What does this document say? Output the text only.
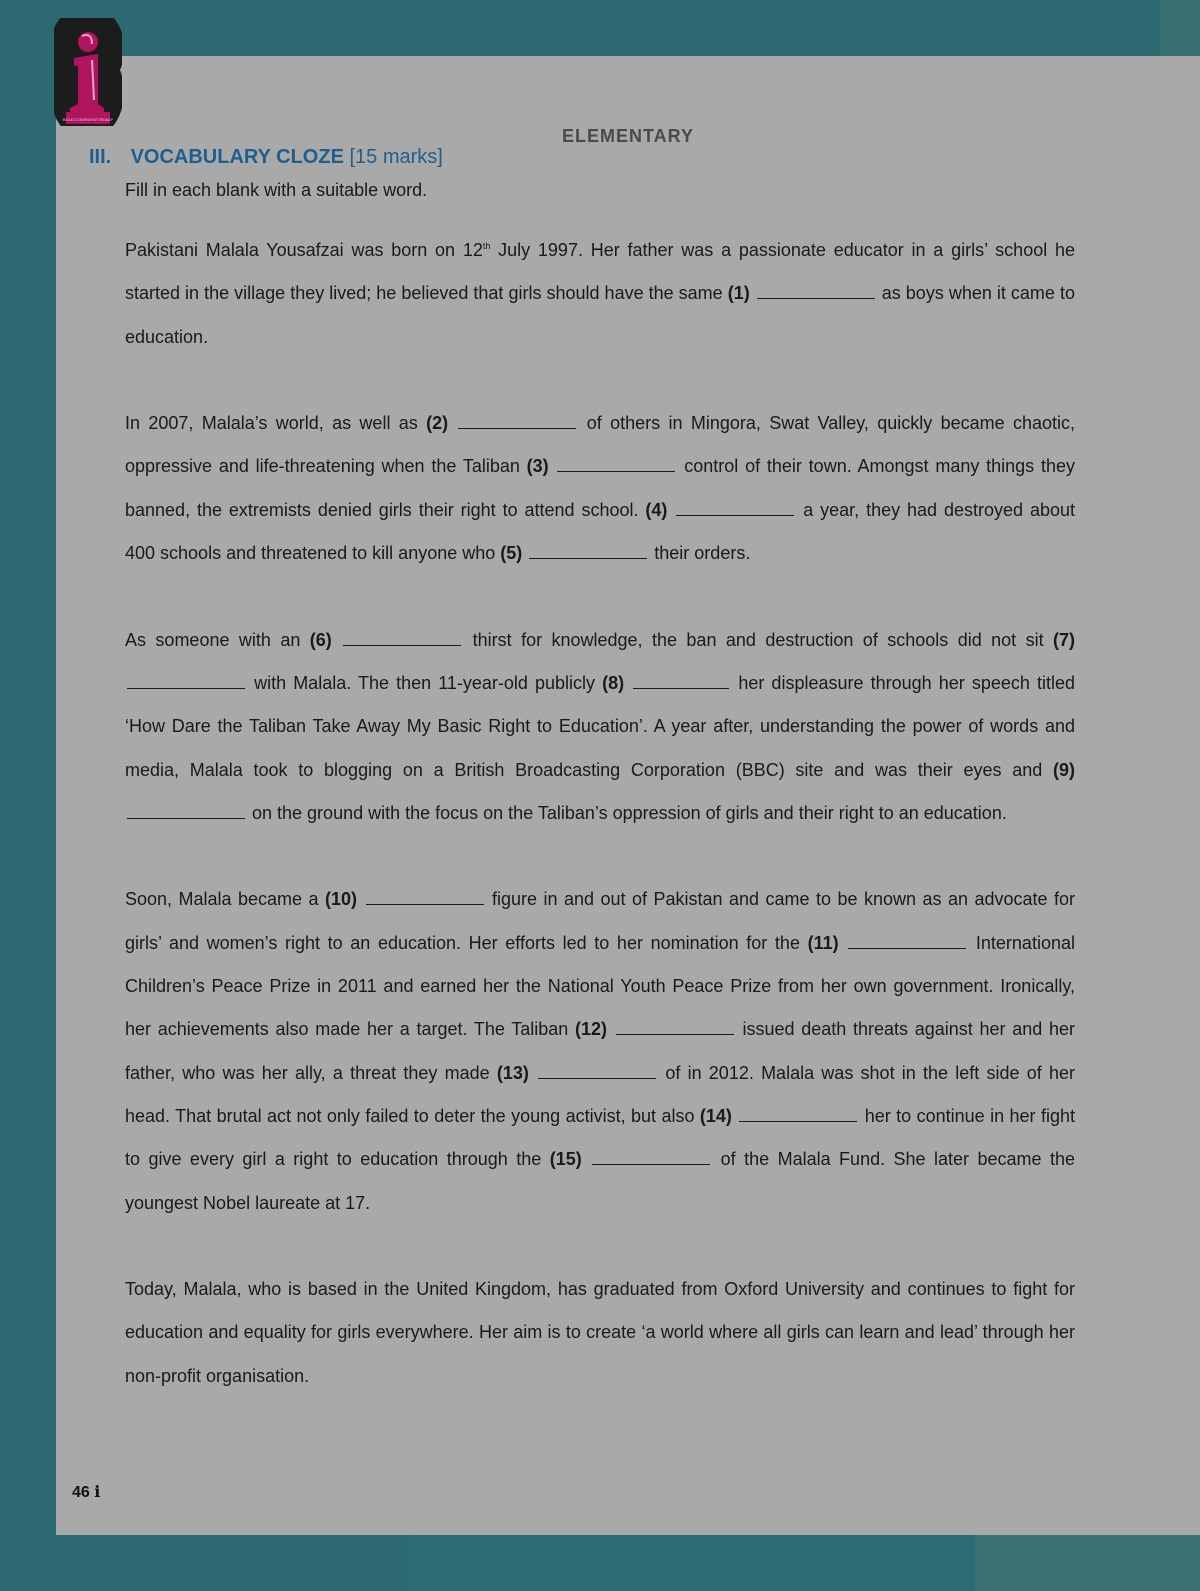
ELEMENTARY
BOLD CONFIDENT READY
III. VOCABULARY CLOZE [15 marks]
Fill in each blank with a suitable word.

Pakistani Malala Yousafzai was born on 12th July 1997. Her father was a passionate educator in a girls’ school he started in the village they lived; he believed that girls should have the same (1)	as boys when it came to education.

In 2007, Malala’s world, as well as (2)	of others in Mingora, Swat Valley, quickly became chaotic, oppressive and life-threatening when the Taliban (3)	control of their town. Amongst many things they banned, the extremists denied girls their right to attend school. (4)	a year, they had destroyed about 400 schools and threatened to kill anyone who (5)	their orders.

As someone with an (6)	thirst for knowledge, the ban and destruction of schools did not sit (7)  with Malala. The then 11-year-old publicly (8)	her displeasure through her speech titled ‘How Dare the Taliban Take Away My Basic Right to Education’. A year after, understanding the power of words and media, Malala took to blogging on a British Broadcasting Corporation (BBC) site and was their eyes and (9)  on the ground with the focus on the Taliban’s oppression of girls and their right to an education.

Soon, Malala became a (10)	figure in and out of Pakistan and came to be known as an advocate for girls’ and women’s right to an education. Her efforts led to her nomination for the (11)	International Children’s Peace Prize in 2011 and earned her the National Youth Peace Prize from her own government. Ironically, her achievements also made her a target. The Taliban (12)	issued death threats against her and her father, who was her ally, a threat they made (13)	of in 2012. Malala was shot in the left side of her head. That brutal act not only failed to deter the young activist, but also (14)	her to continue in her fight to give every girl a right to education through the (15)	of the Malala Fund. She later became the youngest Nobel laureate at 17.

Today, Malala, who is based in the United Kingdom, has graduated from Oxford University and continues to fight for education and equality for girls everywhere. Her aim is to create ‘a world where all girls can learn and lead’ through her non-profit organisation.

46 i
